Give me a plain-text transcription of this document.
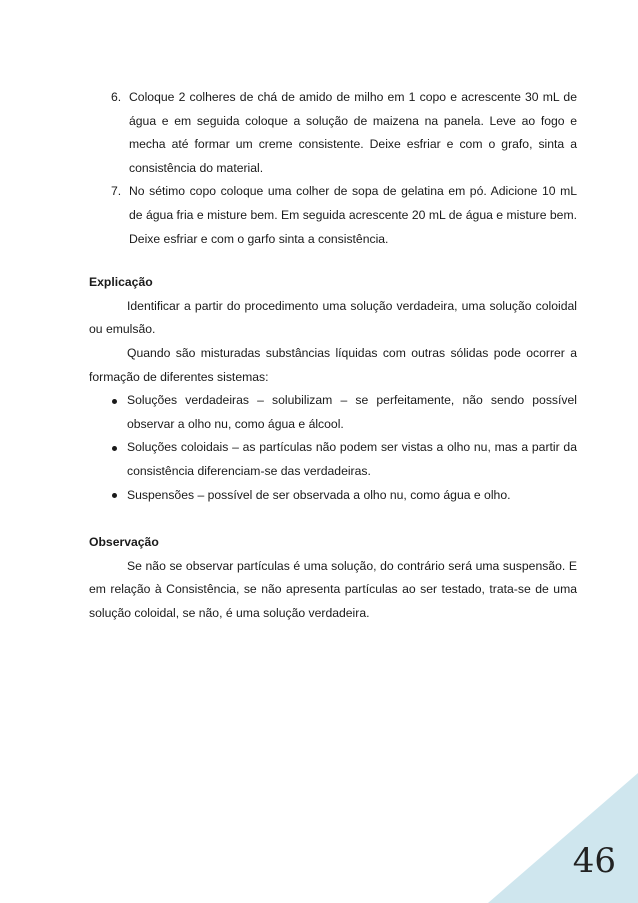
6. Coloque 2 colheres de chá de amido de milho em 1 copo e acrescente 30 mL de água e em seguida coloque a solução de maizena na panela. Leve ao fogo e mecha até formar um creme consistente. Deixe esfriar e com o grafo, sinta a consistência do material.
7. No sétimo copo coloque uma colher de sopa de gelatina em pó. Adicione 10 mL de água fria e misture bem. Em seguida acrescente 20 mL de água e misture bem. Deixe esfriar e com o garfo sinta a consistência.
Explicação

Identificar a partir do procedimento uma solução verdadeira, uma solução coloidal ou emulsão.

Quando são misturadas substâncias líquidas com outras sólidas pode ocorrer a formação de diferentes sistemas:

Soluções verdadeiras – solubilizam – se perfeitamente, não sendo possível observar a olho nu, como água e álcool.
Soluções coloidais – as partículas não podem ser vistas a olho nu, mas a partir da consistência diferenciam-se das verdadeiras.
Suspensões – possível de ser observada a olho nu, como água e olho.
Observação

Se não se observar partículas é uma solução, do contrário será uma suspensão. E em relação à Consistência, se não apresenta partículas ao ser testado, trata-se de uma solução coloidal, se não, é uma solução verdadeira.

46
